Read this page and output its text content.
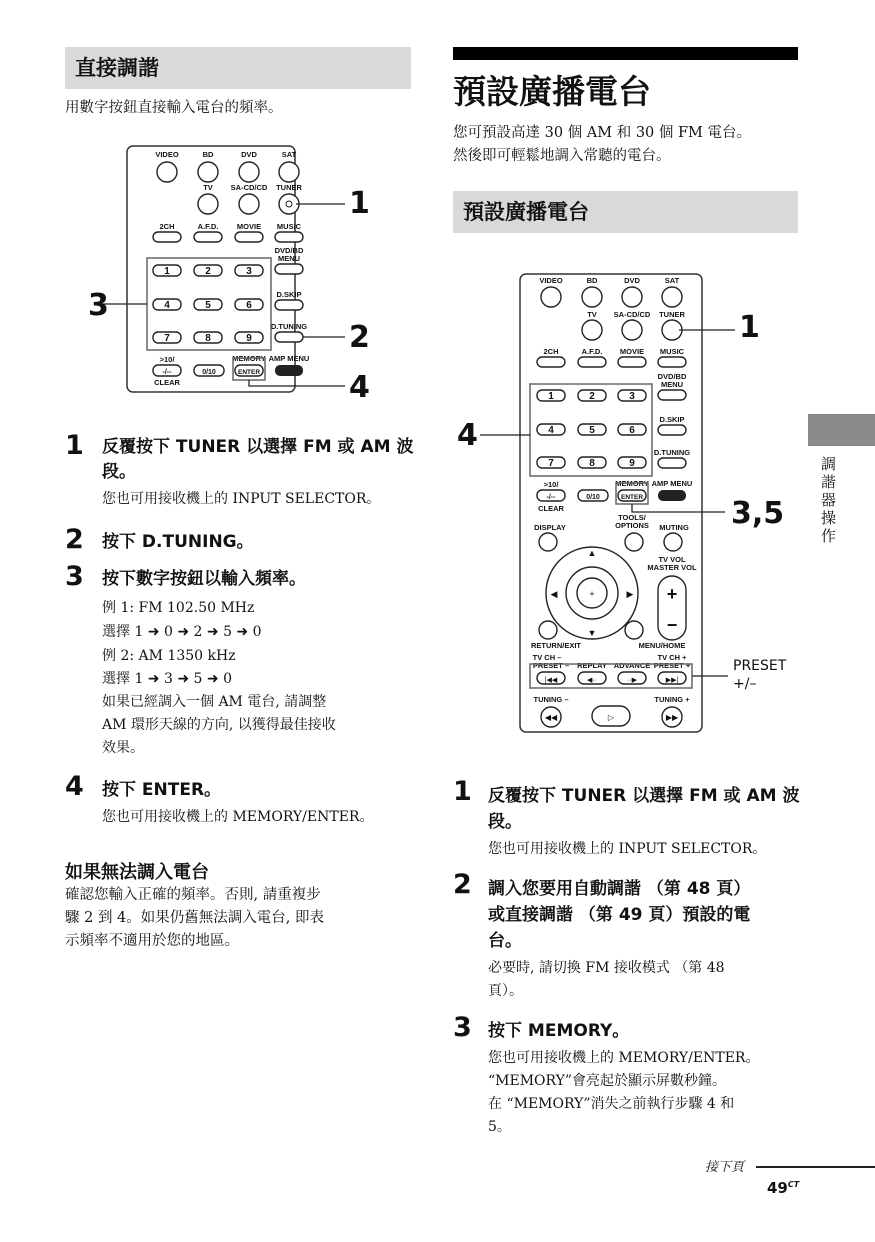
直接調諧
用數字按鈕直接輸入電台的頻率。
VIDEO	BD	DVD	SAT
TV SA-CD/CD TUNER
2CH	A.F.D. MOVIE MUSIC
DVD/BD
MENU
D.SKIP
D.TUNING
>10/
CLEAR
MEMORY AMP MENU
1	2	3
4	5	6
7	8	9
0/10	ENTER
-/--
1
2
3
4
1 反覆按下 TUNER 以選擇 FM 或 AM 波
段。
您也可用接收機上的 INPUT SELECTOR。
2 按下 D.TUNING。
3 按下數字按鈕以輸入頻率。
例 1: FM 102.50 MHz
選擇 1 ➜ 0 ➜ 2 ➜ 5 ➜ 0
例 2: AM 1350 kHz
選擇 1 ➜ 3 ➜ 5 ➜ 0
如果已經調入一個 AM 電台, 請調整
AM 環形天線的方向, 以獲得最佳接收
效果。
4 按下 ENTER。
您也可用接收機上的 MEMORY/ENTER。
如果無法調入電台
確認您輸入正確的頻率。否則, 請重複步
驟 2 到 4。如果仍舊無法調入電台, 即表
示頻率不適用於您的地區。
預設廣播電台
您可預設高達 30 個 AM 和 30 個 FM 電台。
然後即可輕鬆地調入常聽的電台。
預設廣播電台
VIDEO	BD	DVD	SAT
TV SA-CD/CD TUNER
2CH	A.F.D. MOVIE MUSIC
DVD/BD
MENU
D.SKIP
D.TUNING
>10/
CLEAR
MEMORY AMP MENU
TOOLS/
OPTIONS
DISPLAY	MUTING
TV VOL
MASTER VOL
RETURN/EXIT	MENU/HOME
TV CH –	TV CH +
PRESET – REPLAY ADVANCE PRESET +
TUNING –	TUNING +
1	2	3
4	5	6
7	8	9
0/10	ENTER
-/--
+
−
▲
▼
◀	▶
+
|◀◀	◀··	··▶	▶▶|
◀◀	▶▶
▷
1
4
3,5
PRESET
+/–
1 反覆按下 TUNER 以選擇 FM 或 AM 波
段。
您也可用接收機上的 INPUT SELECTOR。
2 調入您要用自動調諧 （第 48 頁）
或直接調諧 （第 49 頁）預設的電
台。
必要時, 請切換 FM 接收模式 （第 48
頁）。
3 按下 MEMORY。
您也可用接收機上的 MEMORY/ENTER。
“MEMORY”會亮起於顯示屏數秒鐘。
在 “MEMORY”消失之前執行步驟 4 和
5。
調諧器操作
接下頁
$49^{CT}$
